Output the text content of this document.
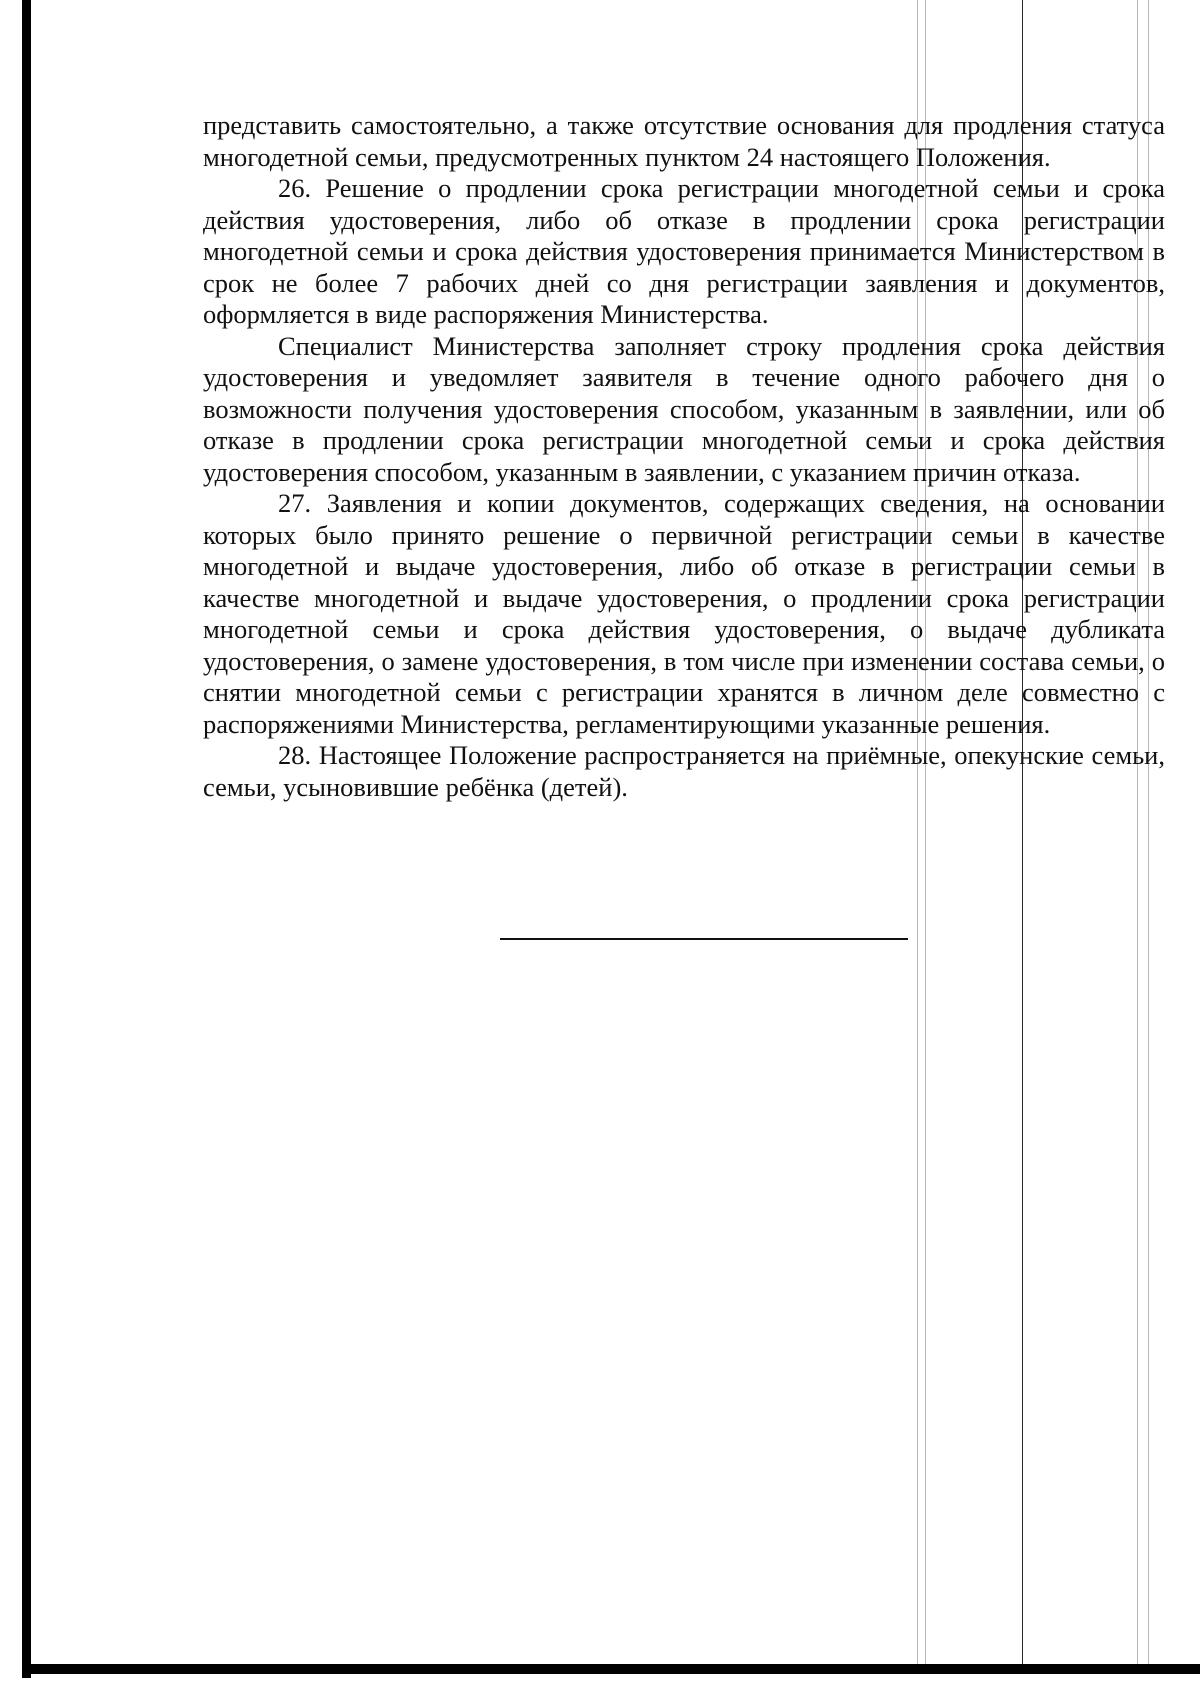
представить самостоятельно, а также отсутствие основания для продления статуса многодетной семьи, предусмотренных пунктом 24 настоящего Положения.

26. Решение о продлении срока регистрации многодетной семьи и срока действия удостоверения, либо об отказе в продлении срока регистрации многодетной семьи и срока действия удостоверения принимается Министерством в срок не более 7 рабочих дней со дня регистрации заявления и документов, оформляется в виде распоряжения Министерства.

Специалист Министерства заполняет строку продления срока действия удостоверения и уведомляет заявителя в течение одного рабочего дня о возможности получения удостоверения способом, указанным в заявлении, или об отказе в продлении срока регистрации многодетной семьи и срока действия удостоверения способом, указанным в заявлении, с указанием причин отказа.

27. Заявления и копии документов, содержащих сведения, на основании которых было принято решение о первичной регистрации семьи в качестве многодетной и выдаче удостоверения, либо об отказе в регистрации семьи в качестве многодетной и выдаче удостоверения, о продлении срока регистрации многодетной семьи и срока действия удостоверения, о выдаче дубликата удостоверения, о замене удостоверения, в том числе при изменении состава семьи, о снятии многодетной семьи с регистрации хранятся в личном деле совместно с распоряжениями Министерства, регламентирующими указанные решения.

28. Настоящее Положение распространяется на приёмные, опекунские семьи, семьи, усыновившие ребёнка (детей).
